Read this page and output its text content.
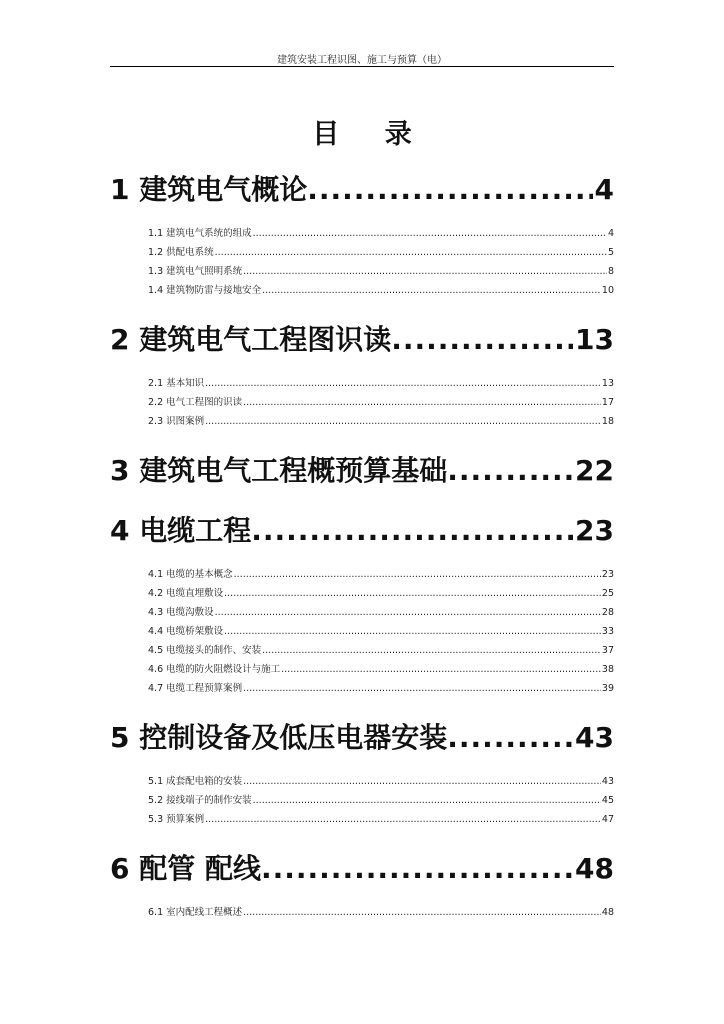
建筑安装工程识图、施工与预算（电）
目 录
1 建筑电气概论 .....	4
1.1 建筑电气系统的组成 .....	4
1.2 供配电系统 .....	5
1.3 建筑电气照明系统 .....	8
1.4 建筑物防雷与接地安全 .....	10
2 建筑电气工程图识读 .....	13
2.1 基本知识 .....	13
2.2 电气工程图的识读 .....	17
2.3 识图案例 .....	18
3 建筑电气工程概预算基础 .....	22
4 电缆工程 .....	23
4.1 电缆的基本概念 .....	23
4.2 电缆直埋敷设 .....	25
4.3 电缆沟敷设 .....	28
4.4 电缆桥架敷设 .....	33
4.5 电缆接头的制作、安装 .....	37
4.6 电缆的防火阻燃设计与施工 .....	38
4.7 电缆工程预算案例 .....	39
5 控制设备及低压电器安装 .....	43
5.1 成套配电箱的安装 .....	43
5.2 接线端子的制作安装 .....	45
5.3 预算案例 .....	47
6 配管 配线 .....	48
6.1 室内配线工程概述 .....	48
